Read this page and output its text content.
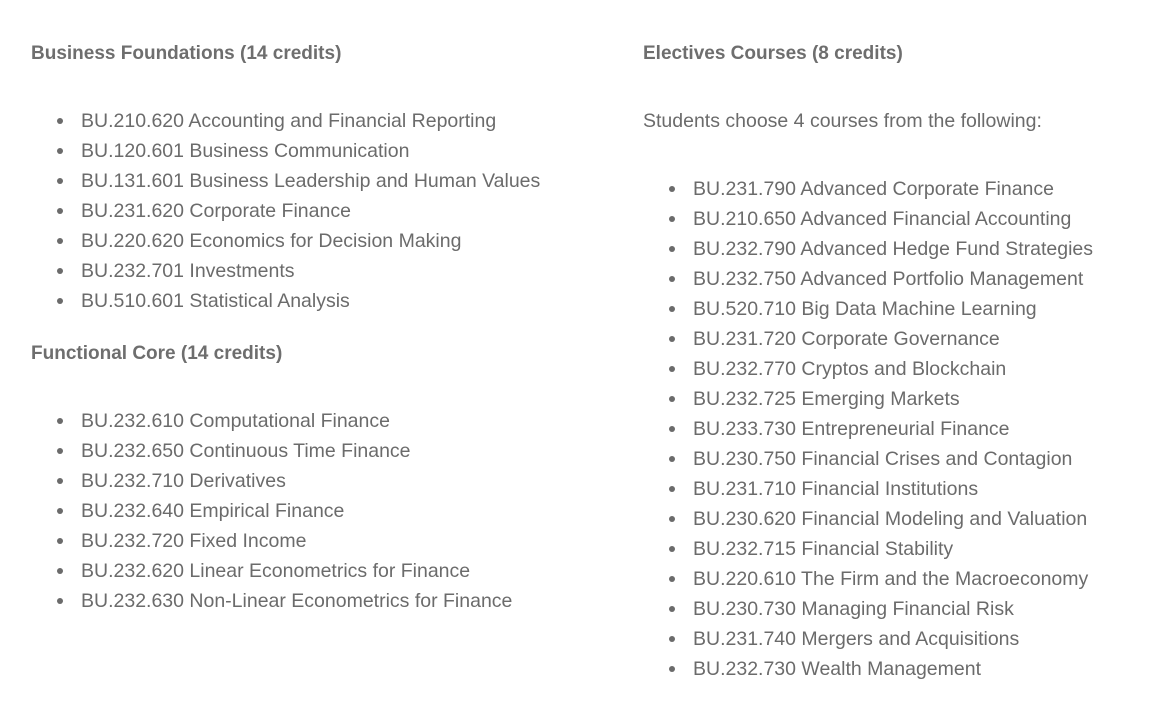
Business Foundations (14 credits)
BU.210.620 Accounting and Financial Reporting
BU.120.601 Business Communication
BU.131.601 Business Leadership and Human Values
BU.231.620 Corporate Finance
BU.220.620 Economics for Decision Making
BU.232.701 Investments
BU.510.601 Statistical Analysis
Functional Core (14 credits)
BU.232.610 Computational Finance
BU.232.650 Continuous Time Finance
BU.232.710 Derivatives
BU.232.640 Empirical Finance
BU.232.720 Fixed Income
BU.232.620 Linear Econometrics for Finance
BU.232.630 Non-Linear Econometrics for Finance
Electives Courses (8 credits)

Students choose 4 courses from the following:

BU.231.790 Advanced Corporate Finance
BU.210.650 Advanced Financial Accounting
BU.232.790 Advanced Hedge Fund Strategies
BU.232.750 Advanced Portfolio Management
BU.520.710 Big Data Machine Learning
BU.231.720 Corporate Governance
BU.232.770 Cryptos and Blockchain
BU.232.725 Emerging Markets
BU.233.730 Entrepreneurial Finance
BU.230.750 Financial Crises and Contagion
BU.231.710 Financial Institutions
BU.230.620 Financial Modeling and Valuation
BU.232.715 Financial Stability
BU.220.610 The Firm and the Macroeconomy
BU.230.730 Managing Financial Risk
BU.231.740 Mergers and Acquisitions
BU.232.730 Wealth Management
